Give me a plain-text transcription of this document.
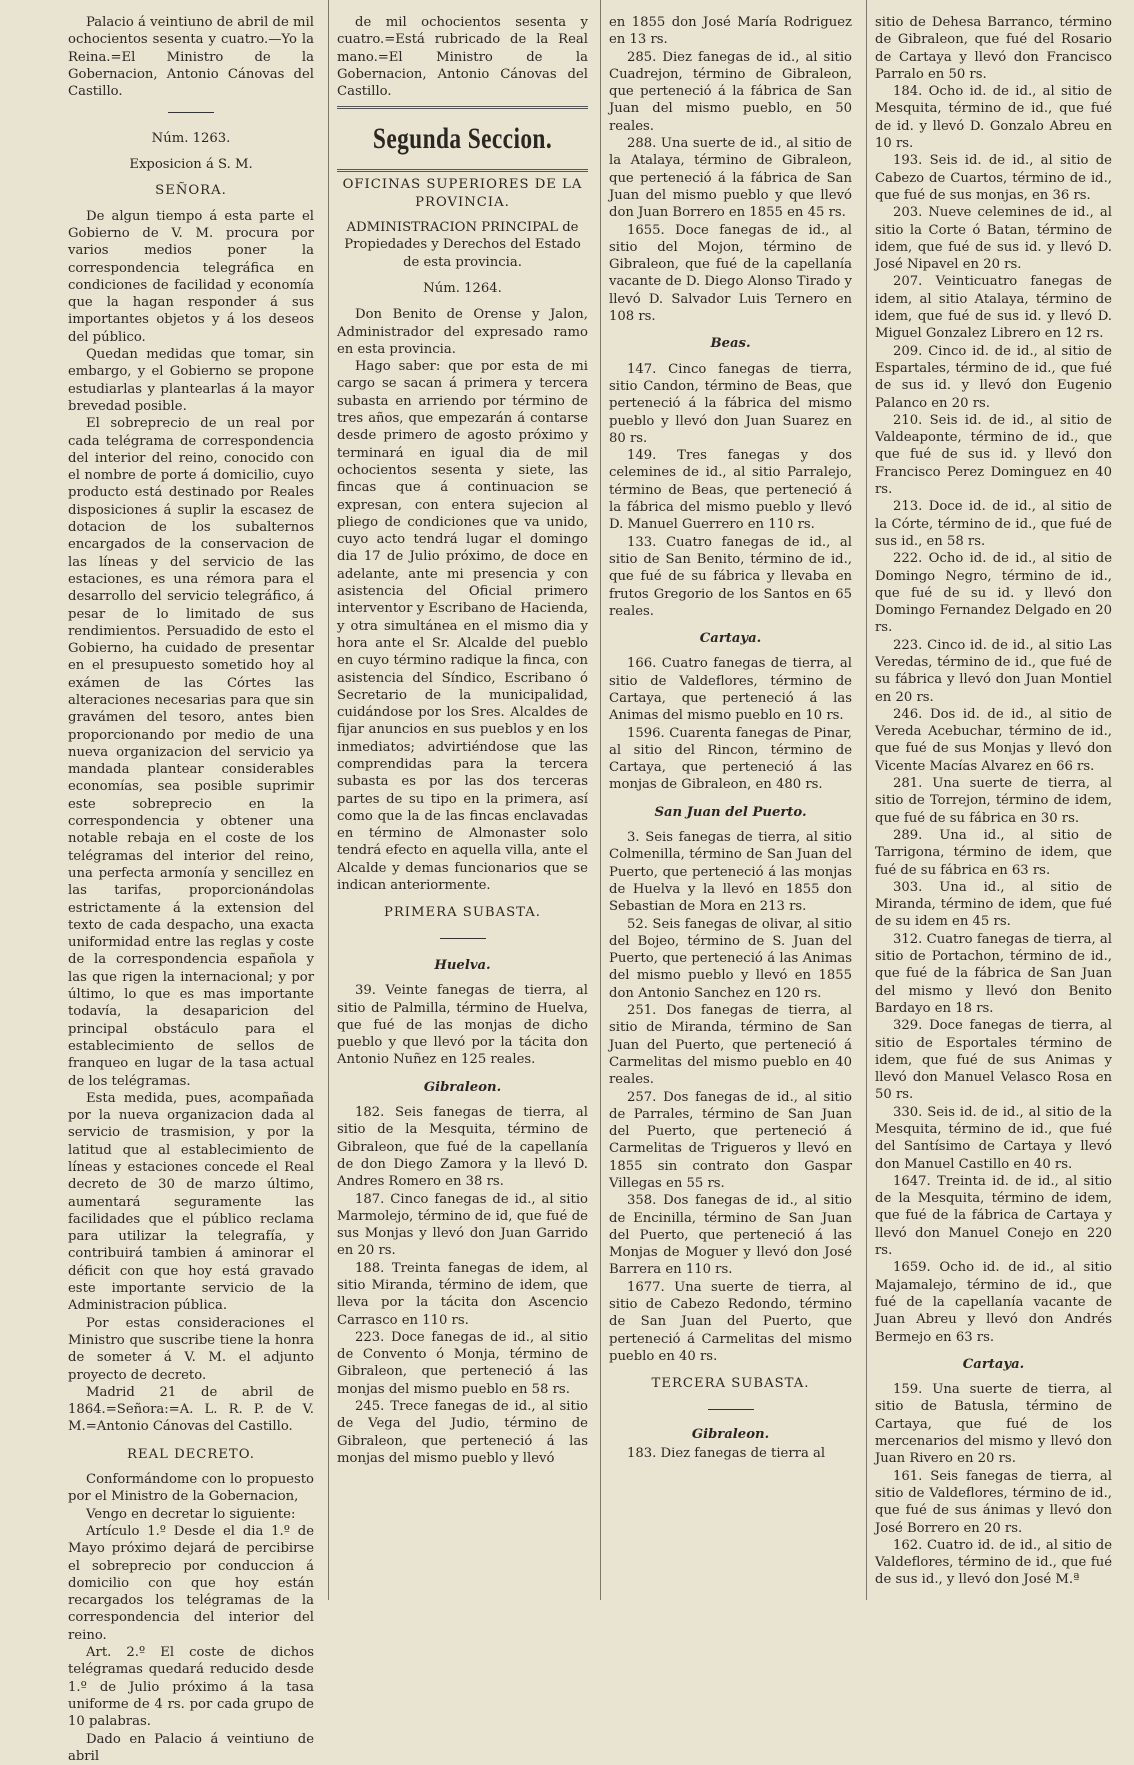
Palacio á veintiuno de abril de mil ochocientos sesenta y cuatro.—Yo la Reina.=El Ministro de la Gobernacion, Antonio Cánovas del Castillo.

Núm. 1263.

Exposicion á S. M.

SEÑORA.

De algun tiempo á esta parte el Gobierno de V. M. procura por varios medios poner la correspondencia telegráfica en condiciones de facilidad y economía que la hagan responder á sus importantes objetos y á los deseos del público.

Quedan medidas que tomar, sin embargo, y el Gobierno se propone estudiarlas y plantearlas á la mayor brevedad posible.

El sobreprecio de un real por cada telégrama de correspondencia del interior del reino, conocido con el nombre de porte á domicilio, cuyo producto está destinado por Reales disposiciones á suplir la escasez de dotacion de los subalternos encargados de la conservacion de las líneas y del servicio de las estaciones, es una rémora para el desarrollo del servicio telegráfico, á pesar de lo limitado de sus rendimientos. Persuadido de esto el Gobierno, ha cuidado de presentar en el presupuesto sometido hoy al exámen de las Córtes las alteraciones necesarias para que sin gravámen del tesoro, antes bien proporcionando por medio de una nueva organizacion del servicio ya mandada plantear considerables economías, sea posible suprimir este sobreprecio en la correspondencia y obtener una notable rebaja en el coste de los telégramas del interior del reino, una perfecta armonía y sencillez en las tarifas, proporcionándolas estrictamente á la extension del texto de cada despacho, una exacta uniformidad entre las reglas y coste de la correspondencia española y las que rigen la internacional; y por último, lo que es mas importante todavía, la desaparicion del principal obstáculo para el establecimiento de sellos de franqueo en lugar de la tasa actual de los telégramas.

Esta medida, pues, acompañada por la nueva organizacion dada al servicio de trasmision, y por la latitud que al establecimiento de líneas y estaciones concede el Real decreto de 30 de marzo último, aumentará seguramente las facilidades que el público reclama para utilizar la telegrafía, y contribuirá tambien á aminorar el déficit con que hoy está gravado este importante servicio de la Administracion pública.

Por estas consideraciones el Ministro que suscribe tiene la honra de someter á V. M. el adjunto proyecto de decreto.

Madrid 21 de abril de 1864.=Señora:=A. L. R. P. de V. M.=Antonio Cánovas del Castillo.

REAL DECRETO.

Conformándome con lo propuesto por el Ministro de la Gobernacion,

Vengo en decretar lo siguiente:

Artículo 1.º Desde el dia 1.º de Mayo próximo dejará de percibirse el sobreprecio por conduccion á domicilio con que hoy están recargados los telégramas de la correspondencia del interior del reino.

Art. 2.º El coste de dichos telégramas quedará reducido desde 1.º de Julio próximo á la tasa uniforme de 4 rs. por cada grupo de 10 palabras.

Dado en Palacio á veintiuno de abril

de mil ochocientos sesenta y cuatro.=Está rubricado de la Real mano.=El Ministro de la Gobernacion, Antonio Cánovas del Castillo.

Segunda Seccion.

OFICINAS SUPERIORES DE LA PROVINCIA.

ADMINISTRACION PRINCIPAL de Propiedades y Derechos del Estado de esta provincia.

Núm. 1264.

Don Benito de Orense y Jalon, Administrador del expresado ramo en esta provincia.

Hago saber: que por esta de mi cargo se sacan á primera y tercera subasta en arriendo por término de tres años, que empezarán á contarse desde primero de agosto próximo y terminará en igual dia de mil ochocientos sesenta y siete, las fincas que á continuacion se expresan, con entera sujecion al pliego de condiciones que va unido, cuyo acto tendrá lugar el domingo dia 17 de Julio próximo, de doce en adelante, ante mi presencia y con asistencia del Oficial primero interventor y Escribano de Hacienda, y otra simultánea en el mismo dia y hora ante el Sr. Alcalde del pueblo en cuyo término radique la finca, con asistencia del Síndico, Escribano ó Secretario de la municipalidad, cuidándose por los Sres. Alcaldes de fijar anuncios en sus pueblos y en los inmediatos; advirtiéndose que las comprendidas para la tercera subasta es por las dos terceras partes de su tipo en la primera, así como que la de las fincas enclavadas en término de Almonaster solo tendrá efecto en aquella villa, ante el Alcalde y demas funcionarios que se indican anteriormente.

PRIMERA SUBASTA.

Huelva.

39. Veinte fanegas de tierra, al sitio de Palmilla, término de Huelva, que fué de las monjas de dicho pueblo y que llevó por la tácita don Antonio Nuñez en 125 reales.

Gibraleon.

182. Seis fanegas de tierra, al sitio de la Mesquita, término de Gibraleon, que fué de la capellanía de don Diego Zamora y la llevó D. Andres Romero en 38 rs.

187. Cinco fanegas de id., al sitio Marmolejo, término de id, que fué de sus Monjas y llevó don Juan Garrido en 20 rs.

188. Treinta fanegas de idem, al sitio Miranda, término de idem, que lleva por la tácita don Ascencio Carrasco en 110 rs.

223. Doce fanegas de id., al sitio de Convento ó Monja, término de Gibraleon, que perteneció á las monjas del mismo pueblo en 58 rs.

245. Trece fanegas de id., al sitio de Vega del Judio, término de Gibraleon, que perteneció á las monjas del mismo pueblo y llevó

en 1855 don José María Rodriguez en 13 rs.

285. Diez fanegas de id., al sitio Cuadrejon, término de Gibraleon, que perteneció á la fábrica de San Juan del mismo pueblo, en 50 reales.

288. Una suerte de id., al sitio de la Atalaya, término de Gibraleon, que perteneció á la fábrica de San Juan del mismo pueblo y que llevó don Juan Borrero en 1855 en 45 rs.

1655. Doce fanegas de id., al sitio del Mojon, término de Gibraleon, que fué de la capellanía vacante de D. Diego Alonso Tirado y llevó D. Salvador Luis Ternero en 108 rs.

Beas.

147. Cinco fanegas de tierra, sitio Candon, término de Beas, que perteneció á la fábrica del mismo pueblo y llevó don Juan Suarez en 80 rs.

149. Tres fanegas y dos celemines de id., al sitio Parralejo, término de Beas, que perteneció á la fábrica del mismo pueblo y llevó D. Manuel Guerrero en 110 rs.

133. Cuatro fanegas de id., al sitio de San Benito, término de id., que fué de su fábrica y llevaba en frutos Gregorio de los Santos en 65 reales.

Cartaya.

166. Cuatro fanegas de tierra, al sitio de Valdeflores, término de Cartaya, que perteneció á las Animas del mismo pueblo en 10 rs.

1596. Cuarenta fanegas de Pinar, al sitio del Rincon, término de Cartaya, que perteneció á las monjas de Gibraleon, en 480 rs.

San Juan del Puerto.

3. Seis fanegas de tierra, al sitio Colmenilla, término de San Juan del Puerto, que perteneció á las monjas de Huelva y la llevó en 1855 don Sebastian de Mora en 213 rs.

52. Seis fanegas de olivar, al sitio del Bojeo, término de S. Juan del Puerto, que perteneció á las Animas del mismo pueblo y llevó en 1855 don Antonio Sanchez en 120 rs.

251. Dos fanegas de tierra, al sitio de Miranda, término de San Juan del Puerto, que perteneció á Carmelitas del mismo pueblo en 40 reales.

257. Dos fanegas de id., al sitio de Parrales, término de San Juan del Puerto, que perteneció á Carmelitas de Trigueros y llevó en 1855 sin contrato don Gaspar Villegas en 55 rs.

358. Dos fanegas de id., al sitio de Encinilla, término de San Juan del Puerto, que perteneció á las Monjas de Moguer y llevó don José Barrera en 110 rs.

1677. Una suerte de tierra, al sitio de Cabezo Redondo, término de San Juan del Puerto, que perteneció á Carmelitas del mismo pueblo en 40 rs.

TERCERA SUBASTA.

Gibraleon.

183. Diez fanegas de tierra al

sitio de Dehesa Barranco, término de Gibraleon, que fué del Rosario de Cartaya y llevó don Francisco Parralo en 50 rs.

184. Ocho id. de id., al sitio de Mesquita, término de id., que fué de id. y llevó D. Gonzalo Abreu en 10 rs.

193. Seis id. de id., al sitio de Cabezo de Cuartos, término de id., que fué de sus monjas, en 36 rs.

203. Nueve celemines de id., al sitio la Corte ó Batan, término de idem, que fué de sus id. y llevó D. José Nipavel en 20 rs.

207. Veinticuatro fanegas de idem, al sitio Atalaya, término de idem, que fué de sus id. y llevó D. Miguel Gonzalez Librero en 12 rs.

209. Cinco id. de id., al sitio de Espartales, término de id., que fué de sus id. y llevó don Eugenio Palanco en 20 rs.

210. Seis id. de id., al sitio de Valdeaponte, término de id., que que fué de sus id. y llevó don Francisco Perez Dominguez en 40 rs.

213. Doce id. de id., al sitio de la Córte, término de id., que fué de sus id., en 58 rs.

222. Ocho id. de id., al sitio de Domingo Negro, término de id., que fué de su id. y llevó don Domingo Fernandez Delgado en 20 rs.

223. Cinco id. de id., al sitio Las Veredas, término de id., que fué de su fábrica y llevó don Juan Montiel en 20 rs.

246. Dos id. de id., al sitio de Vereda Acebuchar, término de id., que fué de sus Monjas y llevó don Vicente Macías Alvarez en 66 rs.

281. Una suerte de tierra, al sitio de Torrejon, término de idem, que fué de su fábrica en 30 rs.

289. Una id., al sitio de Tarrigona, término de idem, que fué de su fábrica en 63 rs.

303. Una id., al sitio de Miranda, término de idem, que fué de su idem en 45 rs.

312. Cuatro fanegas de tierra, al sitio de Portachon, término de id., que fué de la fábrica de San Juan del mismo y llevó don Benito Bardayo en 18 rs.

329. Doce fanegas de tierra, al sitio de Esportales término de idem, que fué de sus Animas y llevó don Manuel Velasco Rosa en 50 rs.

330. Seis id. de id., al sitio de la Mesquita, término de id., que fué del Santísimo de Cartaya y llevó don Manuel Castillo en 40 rs.

1647. Treinta id. de id., al sitio de la Mesquita, término de idem, que fué de la fábrica de Cartaya y llevó don Manuel Conejo en 220 rs.

1659. Ocho id. de id., al sitio Majamalejo, término de id., que fué de la capellanía vacante de Juan Abreu y llevó don Andrés Bermejo en 63 rs.

Cartaya.

159. Una suerte de tierra, al sitio de Batusla, término de Cartaya, que fué de los mercenarios del mismo y llevó don Juan Rivero en 20 rs.

161. Seis fanegas de tierra, al sitio de Valdeflores, término de id., que fué de sus ánimas y llevó don José Borrero en 20 rs.

162. Cuatro id. de id., al sitio de Valdeflores, término de id., que fué de sus id., y llevó don José M.ª
